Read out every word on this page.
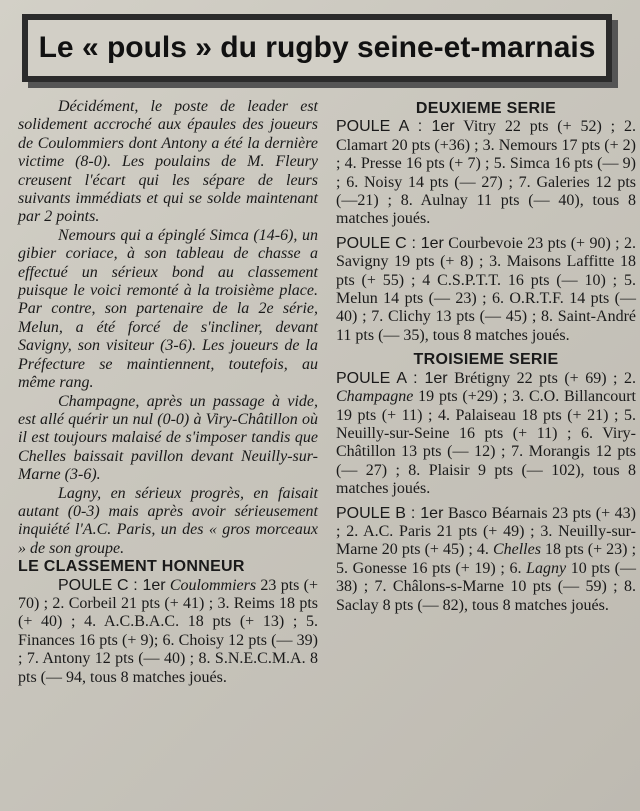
Le « pouls » du rugby seine-et-marnais

Décidément, le poste de leader est solidement accroché aux épaules des joueurs de Coulommiers dont Antony a été la dernière victime (8-0). Les poulains de M. Fleury creusent l'écart qui les sépare de leurs suivants immédiats et qui se solde maintenant par 2 points.

Nemours qui a épinglé Simca (14-6), un gibier coriace, à son tableau de chasse a effectué un sérieux bond au classement puisque le voici remonté à la troisième place. Par contre, son partenaire de la 2e série, Melun, a été forcé de s'incliner, devant Savigny, son visiteur (3-6). Les joueurs de la Préfecture se maintiennent, toutefois, au même rang.

Champagne, après un passage à vide, est allé quérir un nul (0-0) à Viry-Châtillon où il est toujours malaisé de s'imposer tandis que Chelles baissait pavillon devant Neuilly-sur-Marne (3-6).

Lagny, en sérieux progrès, en faisait autant (0-3) mais après avoir sérieusement inquiété l'A.C. Paris, un des « gros morceaux » de son groupe.

LE CLASSEMENT HONNEUR

POULE C : 1er Coulommiers 23 pts (+ 70) ; 2. Corbeil 21 pts (+ 41) ; 3. Reims 18 pts (+ 40) ; 4. A.C.B.A.C. 18 pts (+ 13) ; 5. Finances 16 pts (+ 9); 6. Choisy 12 pts (— 39) ; 7. Antony 12 pts (— 40) ; 8. S.N.E.C.M.A. 8 pts (— 94, tous 8 matches joués.

DEUXIEME SERIE

POULE A : 1er Vitry 22 pts (+ 52) ; 2. Clamart 20 pts (+36) ; 3. Nemours 17 pts (+ 2) ; 4. Presse 16 pts (+ 7) ; 5. Simca 16 pts (— 9) ; 6. Noisy 14 pts (— 27) ; 7. Galeries 12 pts (—21) ; 8. Aulnay 11 pts (— 40), tous 8 matches joués.

POULE C : 1er Courbevoie 23 pts (+ 90) ; 2. Savigny 19 pts (+ 8) ; 3. Maisons Laffitte 18 pts (+ 55) ; 4 C.S.P.T.T. 16 pts (— 10) ; 5. Melun 14 pts (— 23) ; 6. O.R.T.F. 14 pts (—40) ; 7. Clichy 13 pts (— 45) ; 8. Saint-André 11 pts (— 35), tous 8 matches joués.

TROISIEME SERIE

POULE A : 1er Brétigny 22 pts (+ 69) ; 2. Champagne 19 pts (+29) ; 3. C.O. Billancourt 19 pts (+ 11) ; 4. Palaiseau 18 pts (+ 21) ; 5. Neuilly-sur-Seine 16 pts (+ 11) ; 6. Viry-Châtillon 13 pts (— 12) ; 7. Morangis 12 pts (— 27) ; 8. Plaisir 9 pts (— 102), tous 8 matches joués.

POULE B : 1er Basco Béarnais 23 pts (+ 43) ; 2. A.C. Paris 21 pts (+ 49) ; 3. Neuilly-sur-Marne 20 pts (+ 45) ; 4. Chelles 18 pts (+ 23) ; 5. Gonesse 16 pts (+ 19) ; 6. Lagny 10 pts (— 38) ; 7. Châlons-s-Marne 10 pts (— 59) ; 8. Saclay 8 pts (— 82), tous 8 matches joués.
